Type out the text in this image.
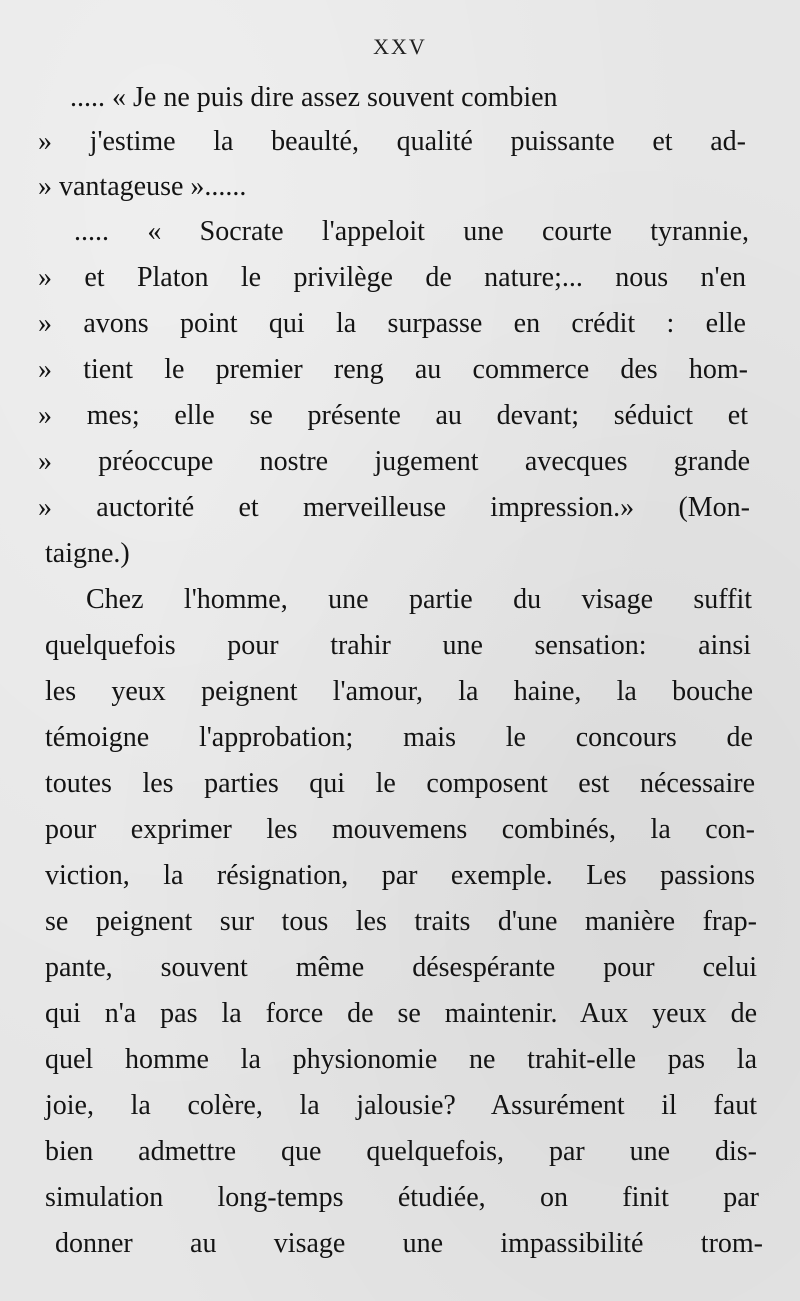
XXV
..... « Je ne puis dire assez souvent combien
» j'estime la beaulté, qualité puissante et ad-
» vantageuse »......
..... « Socrate l'appeloit une courte tyrannie,
» et Platon le privilège de nature;... nous n'en
» avons point qui la surpasse en crédit : elle
» tient le premier reng au commerce des hom-
» mes; elle se présente au devant; séduict et
» préoccupe nostre jugement avecques grande
» auctorité et merveilleuse impression.» (Mon-
taigne.)
Chez l'homme, une partie du visage suffit
quelquefois pour trahir une sensation: ainsi
les yeux peignent l'amour, la haine, la bouche
témoigne l'approbation; mais le concours de
toutes les parties qui le composent est nécessaire
pour exprimer les mouvemens combinés, la con-
viction, la résignation, par exemple. Les passions
se peignent sur tous les traits d'une manière frap-
pante, souvent même désespérante pour celui
qui n'a pas la force de se maintenir. Aux yeux de
quel homme la physionomie ne trahit-elle pas la
joie, la colère, la jalousie? Assurément il faut
bien admettre que quelquefois, par une dis-
simulation long-temps étudiée, on finit par
donner au visage une impassibilité trom-
